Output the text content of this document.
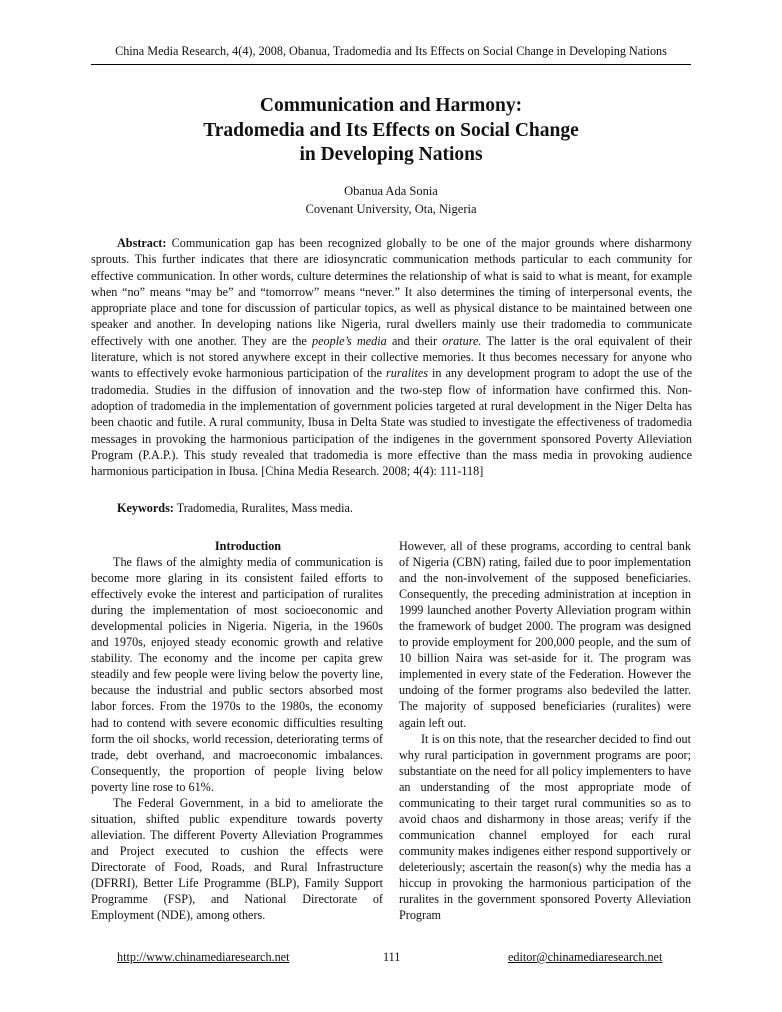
China Media Research, 4(4), 2008, Obanua, Tradomedia and Its Effects on Social Change in Developing Nations
Communication and Harmony:
Tradomedia and Its Effects on Social Change
in Developing Nations
Obanua Ada Sonia
Covenant University, Ota, Nigeria

Abstract: Communication gap has been recognized globally to be one of the major grounds where disharmony sprouts. This further indicates that there are idiosyncratic communication methods particular to each community for effective communication. In other words, culture determines the relationship of what is said to what is meant, for example when “no” means “may be” and “tomorrow” means “never.” It also determines the timing of interpersonal events, the appropriate place and tone for discussion of particular topics, as well as physical distance to be maintained between one speaker and another. In developing nations like Nigeria, rural dwellers mainly use their tradomedia to communicate effectively with one another. They are the people’s media and their orature. The latter is the oral equivalent of their literature, which is not stored anywhere except in their collective memories. It thus becomes necessary for anyone who wants to effectively evoke harmonious participation of the ruralites in any development program to adopt the use of the tradomedia. Studies in the diffusion of innovation and the two-step flow of information have confirmed this. Non- adoption of tradomedia in the implementation of government policies targeted at rural development in the Niger Delta has been chaotic and futile. A rural community, Ibusa in Delta State was studied to investigate the effectiveness of tradomedia messages in provoking the harmonious participation of the indigenes in the government sponsored Poverty Alleviation Program (P.A.P.). This study revealed that tradomedia is more effective than the mass media in provoking audience harmonious participation in Ibusa. [China Media Research. 2008; 4(4): 111-118]

Keywords: Tradomedia, Ruralites, Mass media.

Introduction

The flaws of the almighty media of communication is become more glaring in its consistent failed efforts to effectively evoke the interest and participation of ruralites during the implementation of most socioeconomic and developmental policies in Nigeria. Nigeria, in the 1960s and 1970s, enjoyed steady economic growth and relative stability. The economy and the income per capita grew steadily and few people were living below the poverty line, because the industrial and public sectors absorbed most labor forces. From the 1970s to the 1980s, the economy had to contend with severe economic difficulties resulting form the oil shocks, world recession, deteriorating terms of trade, debt overhand, and macroeconomic imbalances. Consequently, the proportion of people living below poverty line rose to 61%.

The Federal Government, in a bid to ameliorate the situation, shifted public expenditure towards poverty alleviation. The different Poverty Alleviation Programmes and Project executed to cushion the effects were Directorate of Food, Roads, and Rural Infrastructure (DFRRI), Better Life Programme (BLP), Family Support Programme (FSP), and National Directorate of Employment (NDE), among others.

However, all of these programs, according to central bank of Nigeria (CBN) rating, failed due to poor implementation and the non-involvement of the supposed beneficiaries. Consequently, the preceding administration at inception in 1999 launched another Poverty Alleviation program within the framework of budget 2000. The program was designed to provide employment for 200,000 people, and the sum of 10 billion Naira was set-aside for it. The program was implemented in every state of the Federation. However the undoing of the former programs also bedeviled the latter. The majority of supposed beneficiaries (ruralites) were again left out.

It is on this note, that the researcher decided to find out why rural participation in government programs are poor; substantiate on the need for all policy implementers to have an understanding of the most appropriate mode of communicating to their target rural communities so as to avoid chaos and disharmony in those areas; verify if the communication channel employed for each rural community makes indigenes either respond supportively or deleteriously; ascertain the reason(s) why the media has a hiccup in provoking the harmonious participation of the ruralites in the government sponsored Poverty Alleviation Program

http://www.chinamediaresearch.net	111	editor@chinamediaresearch.net
